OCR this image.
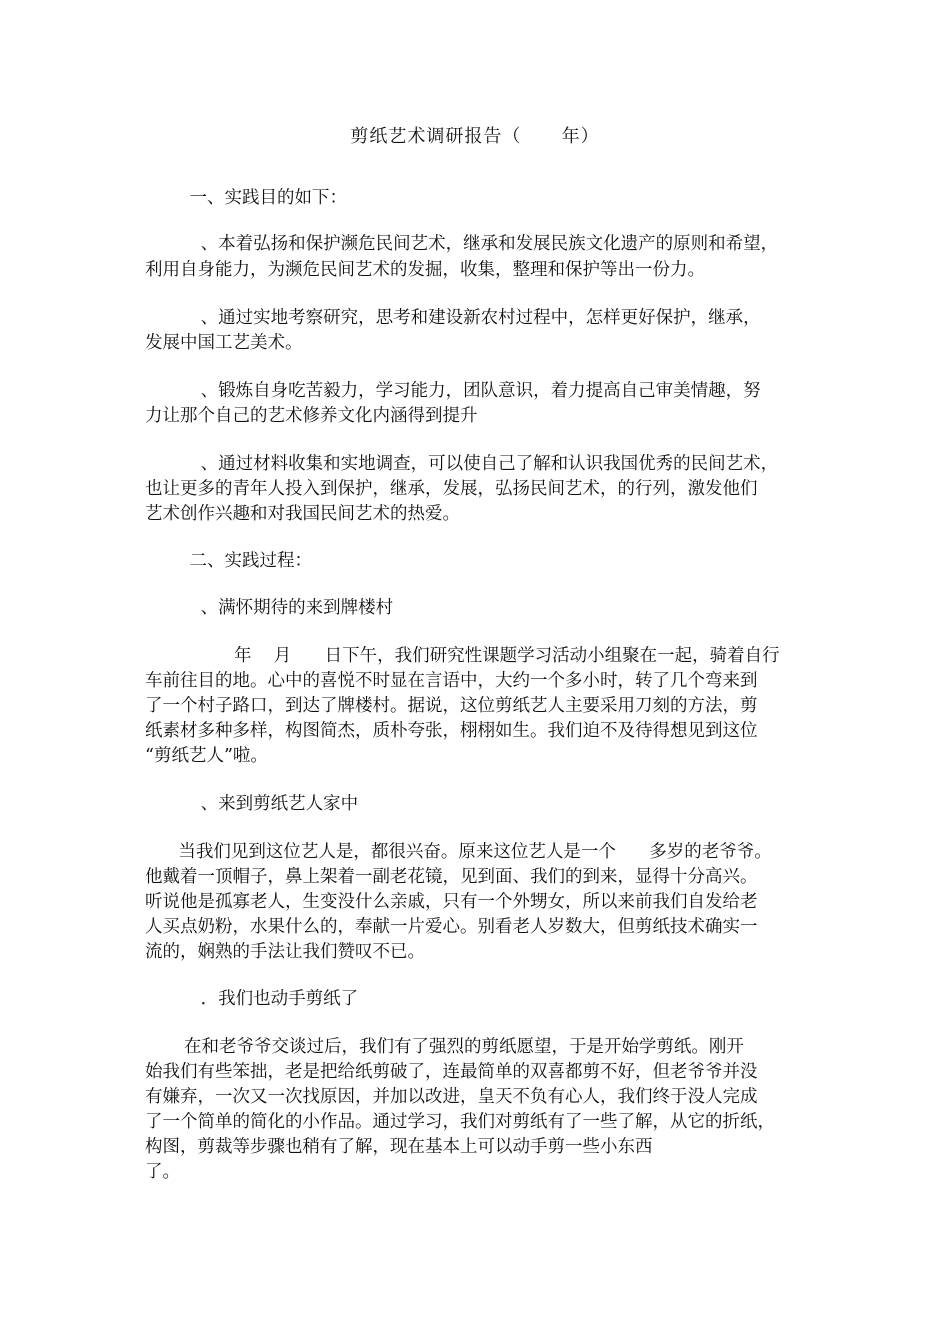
剪纸艺术调研报告（      年）
一、实践目的如下：
、本着弘扬和保护濒危民间艺术，继承和发展民族文化遗产的原则和希望，
利用自身能力，为濒危民间艺术的发掘，收集，整理和保护等出一份力。
、通过实地考察研究，思考和建设新农村过程中，怎样更好保护，继承，
发展中国工艺美术。
、锻炼自身吃苦毅力，学习能力，团队意识，着力提高自己审美情趣，努
力让那个自己的艺术修养文化内涵得到提升
、通过材料收集和实地调查，可以使自己了解和认识我国优秀的民间艺术，
也让更多的青年人投入到保护，继承，发展，弘扬民间艺术，的行列，激发他们
艺术创作兴趣和对我国民间艺术的热爱。
二、实践过程：
、满怀期待的来到牌楼村
年    月      日下午，我们研究性课题学习活动小组聚在一起，骑着自行
车前往目的地。心中的喜悦不时显在言语中，大约一个多小时，转了几个弯来到
了一个村子路口，到达了牌楼村。据说，这位剪纸艺人主要采用刀刻的方法，剪
纸素材多种多样，构图简杰，质朴夸张，栩栩如生。我们迫不及待得想见到这位
“剪纸艺人”啦。
、来到剪纸艺人家中
当我们见到这位艺人是，都很兴奋。原来这位艺人是一个      多岁的老爷爷。
他戴着一顶帽子，鼻上架着一副老花镜，见到面、我们的到来，显得十分高兴。
听说他是孤寡老人，生变没什么亲戚，只有一个外甥女，所以来前我们自发给老
人买点奶粉，水果什么的，奉献一片爱心。别看老人岁数大，但剪纸技术确实一
流的，娴熟的手法让我们赞叹不已。
．我们也动手剪纸了
在和老爷爷交谈过后，我们有了强烈的剪纸愿望，于是开始学剪纸。刚开
始我们有些笨拙，老是把给纸剪破了，连最简单的双喜都剪不好，但老爷爷并没
有嫌弃，一次又一次找原因，并加以改进，皇天不负有心人，我们终于没人完成
了一个简单的简化的小作品。通过学习，我们对剪纸有了一些了解，从它的折纸，
构图，剪裁等步骤也稍有了解，现在基本上可以动手剪一些小东西
了。
